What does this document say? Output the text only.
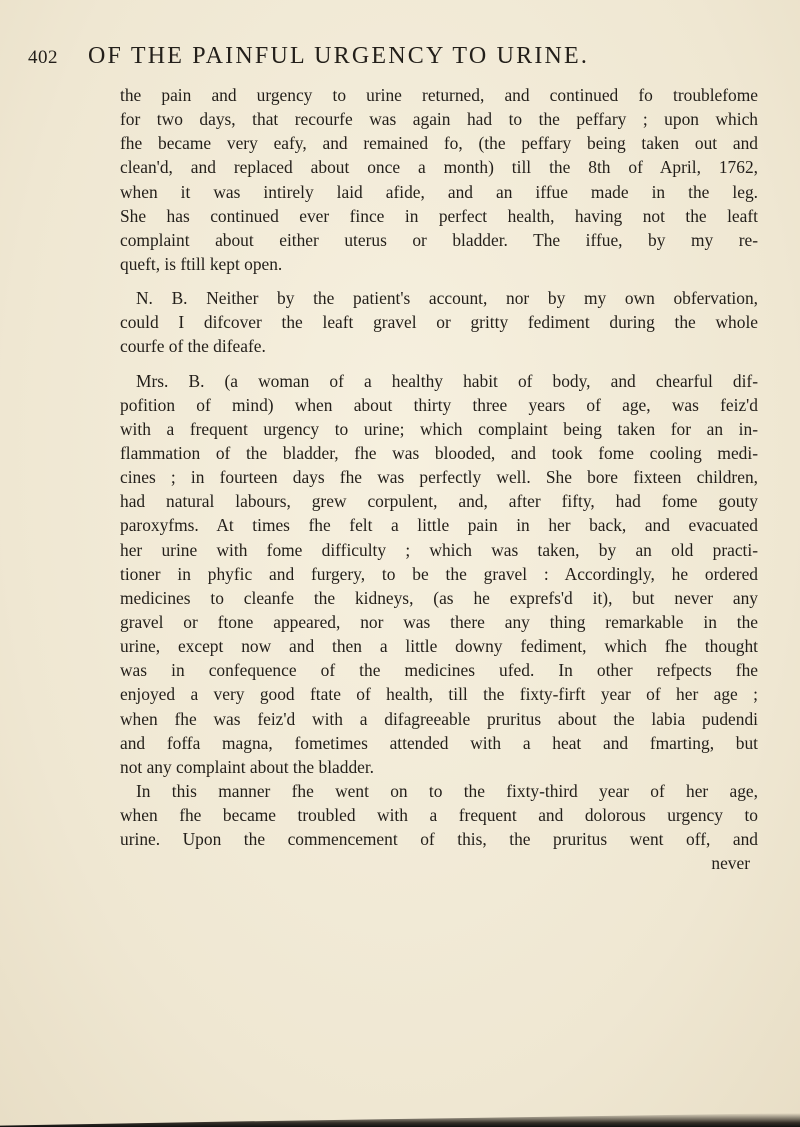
402 OF THE PAINFUL URGENCY TO URINE.
the pain and urgency to urine returned, and continued fo troublefome
for two days, that recourfe was again had to the peffary ; upon which
fhe became very eafy, and remained fo, (the peffary being taken out and
clean'd, and replaced about once a month) till the 8th of April, 1762,
when it was intirely laid afide, and an iffue made in the leg.
She has continued ever fince in perfect health, having not the leaft
complaint about either uterus or bladder. The iffue, by my re-
queft, is ftill kept open.
N. B. Neither by the patient's account, nor by my own obfervation,
could I difcover the leaft gravel or gritty fediment during the whole
courfe of the difeafe.
Mrs. B. (a woman of a healthy habit of body, and chearful dif-
pofition of mind) when about thirty three years of age, was feiz'd
with a frequent urgency to urine; which complaint being taken for an in-
flammation of the bladder, fhe was blooded, and took fome cooling medi-
cines ; in fourteen days fhe was perfectly well. She bore fixteen children,
had natural labours, grew corpulent, and, after fifty, had fome gouty
paroxyfms. At times fhe felt a little pain in her back, and evacuated
her urine with fome difficulty ; which was taken, by an old practi-
tioner in phyfic and furgery, to be the gravel : Accordingly, he ordered
medicines to cleanfe the kidneys, (as he exprefs'd it), but never any
gravel or ftone appeared, nor was there any thing remarkable in the
urine, except now and then a little downy fediment, which fhe thought
was in confequence of the medicines ufed. In other refpects fhe
enjoyed a very good ftate of health, till the fixty-firft year of her age ;
when fhe was feiz'd with a difagreeable pruritus about the labia pudendi
and foffa magna, fometimes attended with a heat and fmarting, but
not any complaint about the bladder.
In this manner fhe went on to the fixty-third year of her age,
when fhe became troubled with a frequent and dolorous urgency to
urine. Upon the commencement of this, the pruritus went off, and
never
